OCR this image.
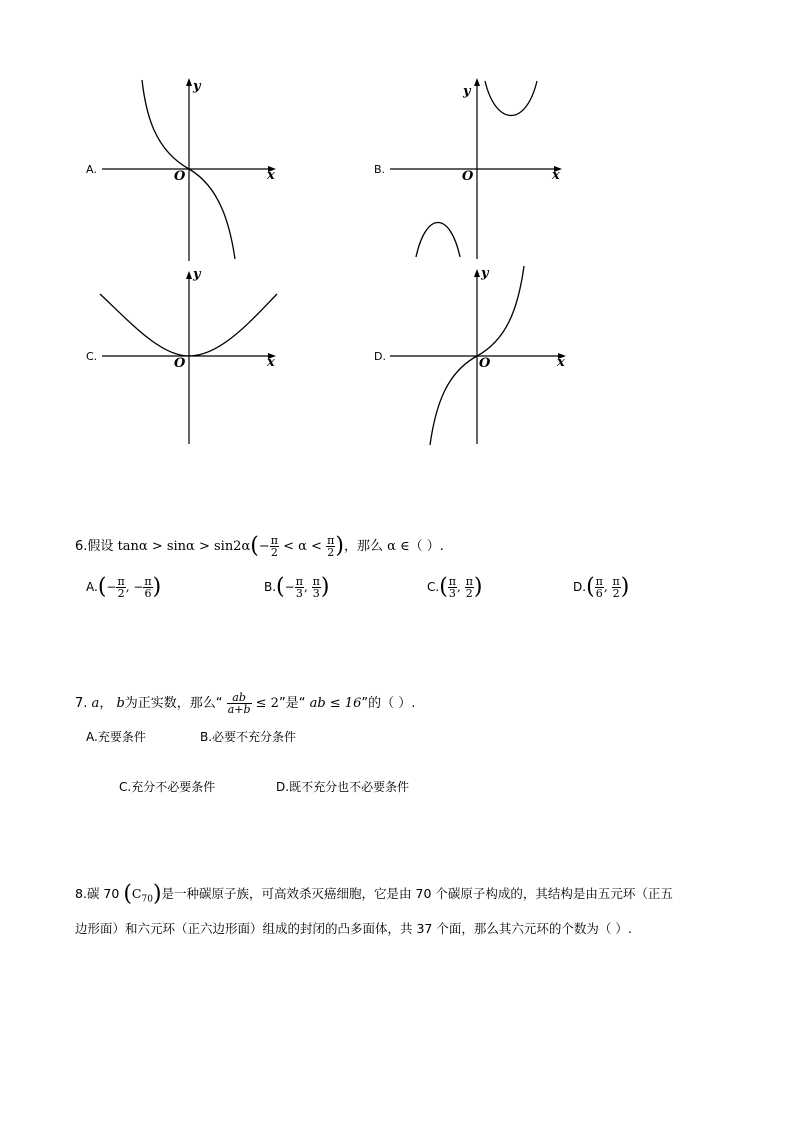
A.
y
x
O	B.
y
x
O
C.
y
x
O	D.
y
x
O
6.假设 $\tan\alpha > \sin\alpha > \sin 2\alpha(- \frac{\pi}{2} < \alpha < \frac{\pi}{2}$ )，那么 α ∈（ ）.
$A.(- \frac{\pi}{2}$ , − $\frac{\pi}{6}$ )	$B.(- \frac{\pi}{3}$ , $\frac{\pi}{3}$ )	$C.( \frac{\pi}{3}$ , $\frac{\pi}{2}$ )	$D.( \frac{\pi}{6}$ , $\frac{\pi}{2}$ )
7. a， b为正实数，那么“ $\frac{ab}{a+b} \le 2$”是“ ab ≤ 16”的（ ）.
A.充要条件	B.必要不充分条件
C.充分不必要条件	D.既不充分也不必要条件
8.碳 70 $(C_{70})$是一种碳原子族，可高效杀灭癌细胞，它是由 70 个碳原子构成的，其结构是由五元环（正五
边形面）和六元环（正六边形面）组成的封闭的凸多面体，共 37 个面，那么其六元环的个数为（ ）.
